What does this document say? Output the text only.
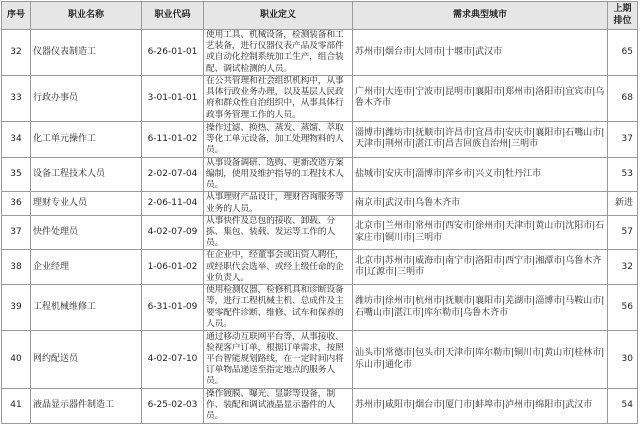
序号	职业名称	职业代码	职业定义	需求典型城市	上期排位
32	仪器仪表制造工	6-26-01-01	使用工具、机械设备，检测装备和工艺装备，进行仪器仪表产品及零部件或自动化控制系统加工生产，组合装配、调试检测的人员。	苏州市|烟台市|大同市|十堰市|武汉市	65
33	行政办事员	3-01-01-01	在公共管理和社会组织机构中，从事具体行政业务办理，以及基层人民政府和群众性自治组织中，从事具体行政事务管理工作的人员。	广州市|大连市|宁波市|昆明市|襄阳市|郑州市|洛阳市|宜宾市|乌鲁木齐市	68
34	化工单元操作工	6-11-01-02	操作过滤、换热、蒸发、蒸馏、萃取等化工单元设备，加工处理物料的人员。	淄博市|潍坊市|抚顺市|许昌市|宜昌市|安庆市|襄阳市|石嘴山市|天津市|荆州市|湛江市|昌吉回族自治州|三明市	37
35	设备工程技术人员	2-02-07-04	从事设备调研、选购、更新改造方案编制，使用及维护指导的工程技术人员。	盐城市|安庆市|淄博市|萍乡市|兴义市|牡丹江市	53
36	理财专业人员	2-06-11-04	从事理财产品设计，理财咨询服务等业务的人员。	南京市|武汉市|乌鲁木齐市	新进
37	快件处理员	4-02-07-09	从事快件及总包的接收、卸载、分拣、集包、装载、发运等工作的人员。	北京市|兰州市|常州市|西安市|徐州市|天津市|黄山市|沈阳市|石家庄市|铜川市|三明市	57
38	企业经理	1-06-01-02	在企业中，经董事会或出资人聘任，或经职代会选举、或经上级任命的企业负责人。	北京市|苏州市|威海市|南宁市|洛阳市|西宁市|湘潭市|乌鲁木齐市|辽源市|三明市	32
39	工程机械维修工	6-31-01-09	使用检测仪器，检修机具和诊断设备等，进行工程机械主机、总成件及主要零配件诊断、维修、试车和保养的人员。	潍坊市|徐州市|杭州市|抚顺市|襄阳市|芜湖市|淄博市|马鞍山市|石嘴山市|湛江市|库尔勒市|乌鲁木齐市	56
40	网约配送员	4-02-07-10	通过移动互联网平台等，从事接收、验视客户订单，根据订单需求，按照平台智能规划路线，在一定时间内将订单物品递送至指定地点的服务人员。	汕头市|常德市|包头市|天津市|库尔勒市|铜川市|黄山市|桂林市|乐山市|通化市	30
41	液晶显示器件制造工	6-25-02-03	操作镀膜、曝光、显影等设备，制作、装配和调试液晶显示器件的人员。	苏州市|咸阳市|烟台市|厦门市|蚌埠市|泸州市|绵阳市|武汉市	54
